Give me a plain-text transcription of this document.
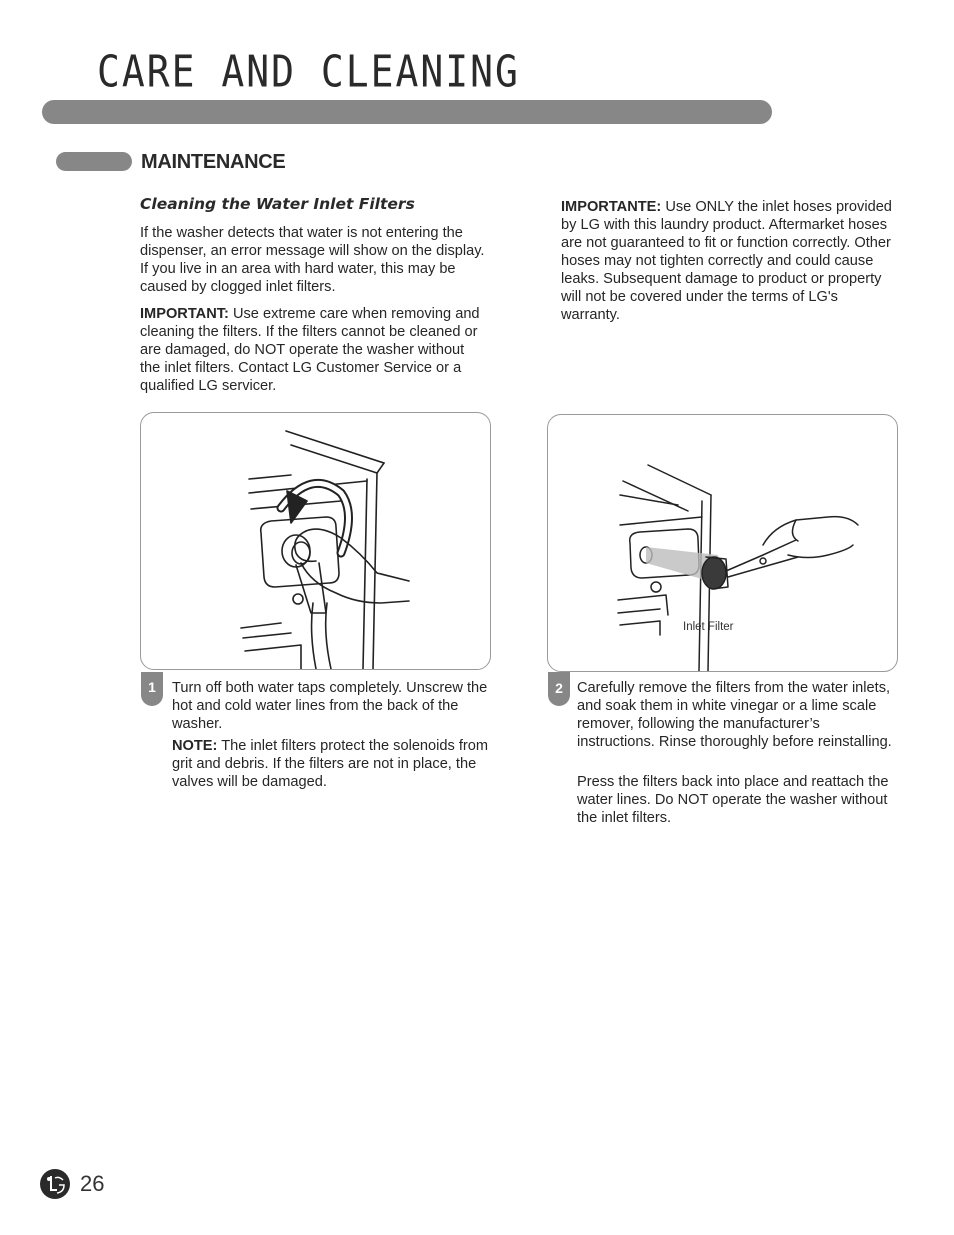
CARE AND CLEANING
MAINTENANCE
Cleaning the Water Inlet Filters

If the washer detects that water is not entering the dispenser, an error message will show on the display. If you live in an area with hard water, this may be caused by clogged inlet filters.

IMPORTANT: Use extreme care when removing and cleaning the filters. If the filters cannot be cleaned or are damaged, do NOT operate the washer without the inlet filters. Contact LG Customer Service or a qualified LG servicer.

IMPORTANTE: Use ONLY the inlet hoses provided by LG with this laundry product. Aftermarket hoses are not guaranteed to fit or function correctly. Other hoses may not tighten correctly and could cause leaks. Subsequent damage to product or property will not be covered under the terms of LG's warranty.

1	Turn off both water taps completely. Unscrew the hot and cold water lines from the back of the washer.

NOTE: The inlet filters protect the solenoids from grit and debris. If the filters are not in place, the valves will be damaged.

Inlet Filter
2 Carefully remove the filters from the water inlets, and soak them in white vinegar or a lime scale remover, following the manufacturer’s instructions. Rinse thoroughly before reinstalling.

Press the filters back into place and reattach the water lines. Do NOT operate the washer without the inlet filters.

26
